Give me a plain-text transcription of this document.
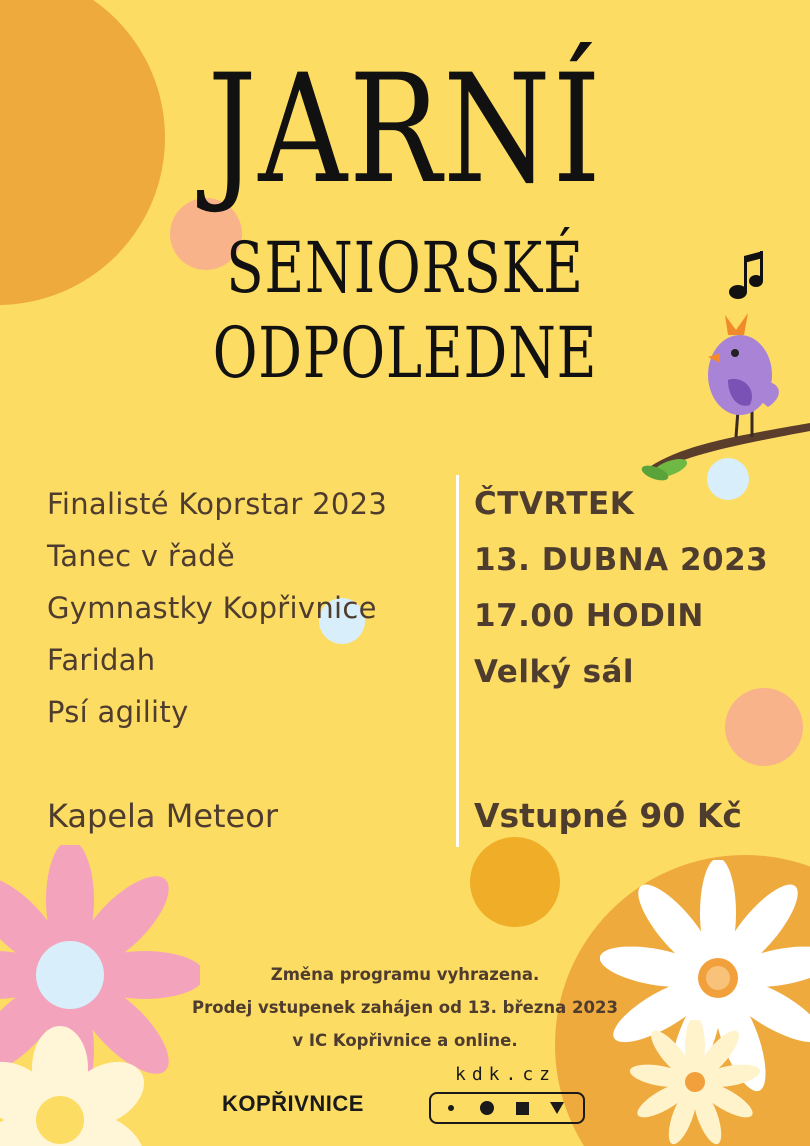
JARNÍ
SENIORSKÉ
ODPOLEDNE
Finalisté Koprstar 2023
Tanec v řadě
Gymnastky Kopřivnice
Faridah
Psí agility
Kapela Meteor
ČTVRTEK
13. DUBNA 2023
17.00 HODIN
Velký sál
Vstupné 90 Kč
Změna programu vyhrazena.
Prodej vstupenek zahájen od 13. března 2023
v IC Kopřivnice a online.
KOPŘIVNICE
kdk.cz
